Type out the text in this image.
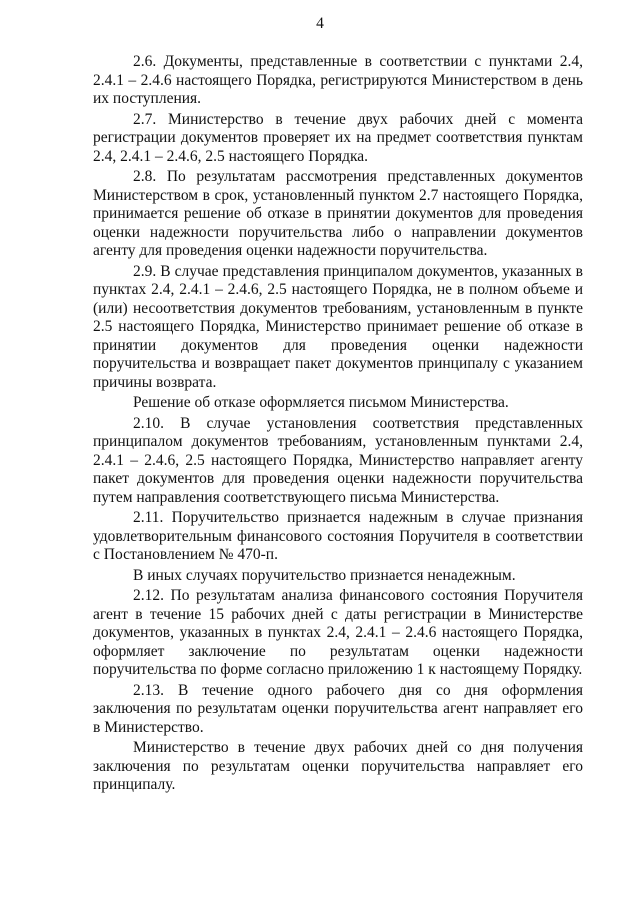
4

2.6. Документы, представленные в соответствии с пунктами 2.4, 2.4.1 – 2.4.6 настоящего Порядка, регистрируются Министерством в день их поступления.

2.7. Министерство в течение двух рабочих дней с момента регистрации документов проверяет их на предмет соответствия пунктам 2.4, 2.4.1 – 2.4.6, 2.5 настоящего Порядка.

2.8. По результатам рассмотрения представленных документов Министерством в срок, установленный пунктом 2.7 настоящего Порядка, принимается решение об отказе в принятии документов для проведения оценки надежности поручительства либо о направлении документов агенту для проведения оценки надежности поручительства.

2.9. В случае представления принципалом документов, указанных в пунктах 2.4, 2.4.1 – 2.4.6, 2.5 настоящего Порядка, не в полном объеме и (или) несоответствия документов требованиям, установленным в пункте 2.5 настоящего Порядка, Министерство принимает решение об отказе в принятии документов для проведения оценки надежности поручительства и возвращает пакет документов принципалу с указанием причины возврата.

Решение об отказе оформляется письмом Министерства.

2.10. В случае установления соответствия представленных принципалом документов требованиям, установленным пунктами 2.4, 2.4.1 – 2.4.6, 2.5 настоящего Порядка, Министерство направляет агенту пакет документов для проведения оценки надежности поручительства путем направления соответствующего письма Министерства.

2.11. Поручительство признается надежным в случае признания удовлетворительным финансового состояния Поручителя в соответствии с Постановлением № 470-п.

В иных случаях поручительство признается ненадежным.

2.12. По результатам анализа финансового состояния Поручителя агент в течение 15 рабочих дней с даты регистрации в Министерстве документов, указанных в пунктах 2.4, 2.4.1 – 2.4.6 настоящего Порядка, оформляет заключение по результатам оценки надежности поручительства по форме согласно приложению 1 к настоящему Порядку.

2.13. В течение одного рабочего дня со дня оформления заключения по результатам оценки поручительства агент направляет его в Министерство.

Министерство в течение двух рабочих дней со дня получения заключения по результатам оценки поручительства направляет его принципалу.
